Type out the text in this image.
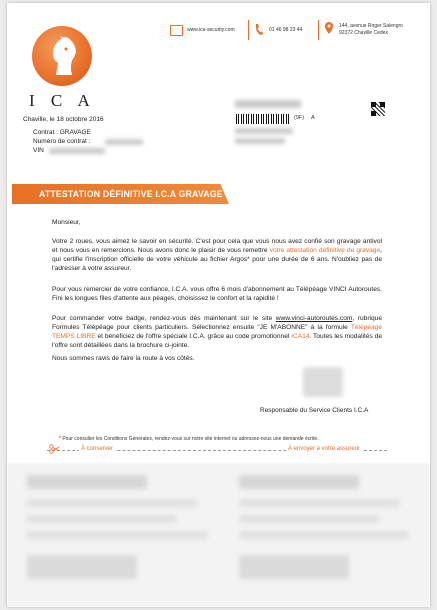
I C A
www.ica-security.com	01 46 98 23 44
144, avenue Roger Salengro
92372 Chaville Cedex
Chaville, le 18 octobre 2016
Contrat : GRAVAGE
Numéro de contrat :
VIN
(9F) A
ATTESTATION DÉFINITIVE I.C.A GRAVAGE

Monsieur,

Votre 2 roues, vous aimez le savoir en sécurité. C'est pour cela que vous nous avez confié son gravage antivol et nous vous en remercions. Nous avons donc le plaisir de vous remettre votre attestation définitive de gravage, qui certifie l'inscription officielle de votre véhicule au fichier Argos* pour une durée de 6 ans. N'oubliez pas de l'adresser à votre assureur.

Pour vous remercier de votre confiance, I.C.A. vous offre 6 mois d'abonnement au Télépéage VINCI Autoroutes. Fini les longues files d'attente aux péages, choisissez le confort et la rapidité !

Pour commander votre badge, rendez-vous dès maintenant sur le site www.vinci-autoroutes.com, rubrique Formules Télépéage pour clients particuliers. Sélectionnez ensuite "JE M'ABONNE" à la formule Télépéage TEMPS LIBRE et bénéficiez de l'offre spéciale I.C.A. grâce au code promotionnel ICA14. Toutes les modalités de l'offre sont détaillées dans la brochure ci-jointe.

Nous sommes ravis de faire la route à vos côtés.

Responsable du Service Clients I.C.A
* Pour consulter les Conditions Générales, rendez-vous sur notre site internet ou adressez-nous une demande écrite.
À conserver	À envoyer à votre assureur
